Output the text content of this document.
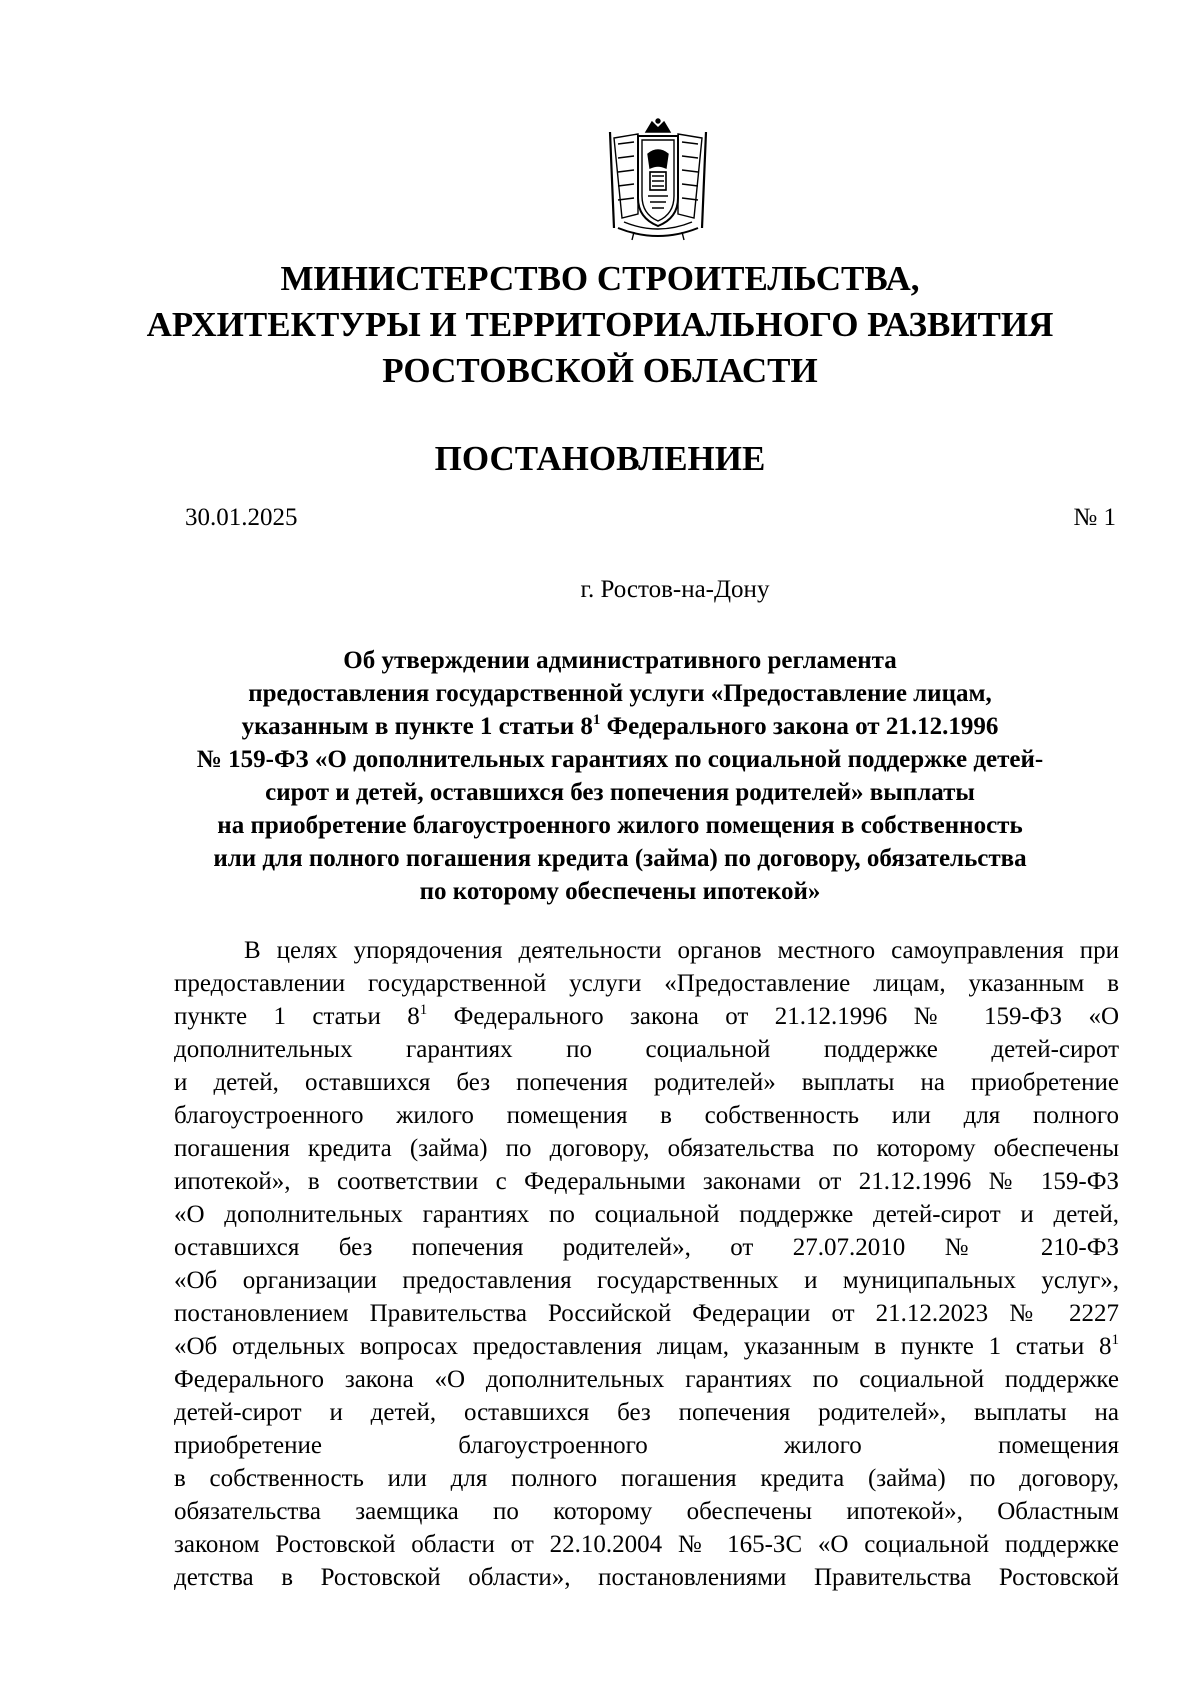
МИНИСТЕРСТВО СТРОИТЕЛЬСТВА,
АРХИТЕКТУРЫ И ТЕРРИТОРИАЛЬНОГО РАЗВИТИЯ
РОСТОВСКОЙ ОБЛАСТИ
ПОСТАНОВЛЕНИЕ
30.01.2025	№ 1
г. Ростов-на-Дону
Об утверждении административного регламента
предоставления государственной услуги «Предоставление лицам,
указанным в пункте 1 статьи $8^1$ Федерального закона от 21.12.1996
№ 159-ФЗ «О дополнительных гарантиях по социальной поддержке детей-
сирот и детей, оставшихся без попечения родителей» выплаты
на приобретение благоустроенного жилого помещения в собственность
или для полного погашения кредита (займа) по договору, обязательства
по которому обеспечены ипотекой»
В целях упорядочения деятельности органов местного самоуправления при
предоставлении государственной услуги «Предоставление лицам, указанным в
пункте 1 статьи $8^1$ Федерального закона от 21.12.1996 № 159-ФЗ «О
дополнительных гарантиях по социальной поддержке детей-сирот
и детей, оставшихся без попечения родителей» выплаты на приобретение
благоустроенного жилого помещения в собственность или для полного
погашения кредита (займа) по договору, обязательства по которому обеспечены
ипотекой», в соответствии с Федеральными законами от 21.12.1996 № 159-ФЗ
«О дополнительных гарантиях по социальной поддержке детей-сирот и детей,
оставшихся без попечения родителей», от 27.07.2010 № 210-ФЗ
«Об организации предоставления государственных и муниципальных услуг»,
постановлением Правительства Российской Федерации от 21.12.2023 № 2227
«Об отдельных вопросах предоставления лицам, указанным в пункте 1 статьи $8^1$
Федерального закона «О дополнительных гарантиях по социальной поддержке
детей-сирот и детей, оставшихся без попечения родителей», выплаты на
приобретение благоустроенного жилого помещения
в собственность или для полного погашения кредита (займа) по договору,
обязательства заемщика по которому обеспечены ипотекой», Областным
законом Ростовской области от 22.10.2004 № 165-ЗС «О социальной поддержке
детства в Ростовской области», постановлениями Правительства Ростовской
